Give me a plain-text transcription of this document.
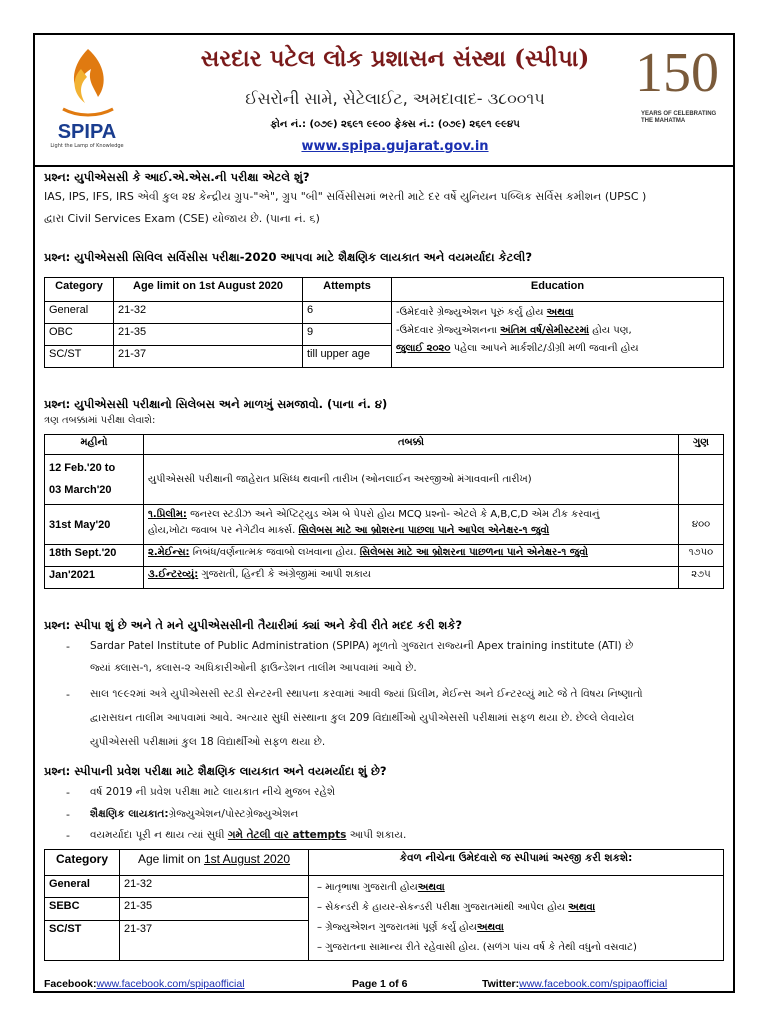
SPIPA
Light the Lamp of Knowledge
સરદાર પટેલ લોક પ્રશાસન સંસ્થા (સ્પીપા)
ઈસરોની સામે, સેટેલાઈટ, અમદાવાદ- ૩૮૦૦૧૫
ફોન નં.: (૦૭૯) ૨૬૯૧ ૯૯૦૦ ફેક્સ નં.: (૦૭૯) ૨૬૯૧ ૯૯૪૫
www.spipa.gujarat.gov.in
150
YEARS OF CELEBRATING THE MAHATMA
પ્રશ્ન: યુપીએસસી કે આઈ.એ.એસ.ની પરીક્ષા એટલે શું?
IAS, IPS, IFS, IRS એવી કુલ ૨૪ કેન્દ્રીય ગ્રુપ-"એ", ગ્રુપ "બી" સર્વિસીસમાં ભરતી માટે દર વર્ષે યુનિયન પબ્લિક સર્વિસ કમીશન (UPSC )
દ્વારા Civil Services Exam (CSE) યોજાય છે. (પાના નં. ૬)
પ્રશ્ન: યુપીએસસી સિવિલ સર્વિસીસ પરીક્ષા-2020 આપવા માટે શૈક્ષણિક લાયકાત અને વયમર્યાદા કેટલી?
Category	Age limit on 1st August 2020	Attempts	Education
General	21-32	6	-ઉમેદવારે ગ્રેજ્યુએશન પૂરું કર્યું હોય અથવા
-ઉમેદવાર ગ્રેજ્યુએશનના અંતિમ વર્ષ/સેમીસ્ટરમાં હોય પણ,
જુલાઈ ૨૦૨૦ પહેલા આપને માર્કશીટ/ડીગ્રી મળી જવાની હોય
OBC	21-35	9	
SC/ST	21-37	till upper age	
પ્રશ્ન: યુપીએસસી પરીક્ષાનો સિલેબસ અને માળખું સમજાવો. (પાના નં. ૪)
ત્રણ તબક્કામાં પરીક્ષા લેવાશે:
મહીનો	તબક્કો	ગુણ
12 Feb.'20 to
03 March'20	યુપીએસસી પરીક્ષાની જાહેરાત પ્રસિધ્ધ થવાની તારીખ (ઓનલાઈન અરજીઓ મંગાવવાની તારીખ)	
31st May'20	૧.પ્રિલીમ: જનરલ સ્ટડીઝ અને એપ્ટિટ્યુડ એમ બે પેપરો હોય MCQ પ્રશ્નો- એટલે કે A,B,C,D એમ ટીક કરવાનું
હોય,ખોટા જવાબ પર નેગેટીવ માર્ક્સ. સિલેબસ માટે આ બ્રોશરના પાછલા પાને આપેલ એનેક્ષર-૧ જુવો	૪૦૦
18th Sept.'20	૨.મેઈન્સ: નિબંધ/વર્ણનાત્મક જવાબો લખવાના હોય. સિલેબસ માટે આ બ્રોશરના પાછળના પાને એનેક્ષર-૧ જુવો	૧૭૫૦
Jan'2021	૩.ઈન્ટરવ્યું: ગુજરાતી, હિન્દી કે અંગ્રેજીમાં આપી શકાય	૨૭૫
પ્રશ્ન: સ્પીપા શું છે અને તે મને યુપીએસસીની તૈયારીમાં ક્યાં અને કેવી રીતે મદદ કરી શકે?
- Sardar Patel Institute of Public Administration (SPIPA) મૂળતો ગુજરાત રાજ્યની Apex training institute (ATI) છે
જ્યાં ક્લાસ-૧, ક્લાસ-૨ અધિકારીઓની ફાઉન્ડેશન તાલીમ આપવામાં આવે છે.
- સાલ ૧૯૯૨માં અત્રે યુપીએસસી સ્ટડી સેન્ટરની સ્થાપના કરવામાં આવી જ્યાં પ્રિલીમ, મેઈન્સ અને ઈન્ટરવ્યું માટે જે તે વિષય નિષ્ણાતો
દ્વારાસઘન તાલીમ આપવામાં આવે. અત્યાર સુધી સંસ્થાના કુલ 209 વિદ્યાર્થીઓ યુપીએસસી પરીક્ષામાં સફળ થયા છે. છેલ્લે લેવાયેલ
યુપીએસસી પરીક્ષામાં કુલ 18 વિદ્યાર્થીઓ સફળ થયા છે.
પ્રશ્ન: સ્પીપાની પ્રવેશ પરીક્ષા માટે શૈક્ષણિક લાયકાત અને વયમર્યાદા શું છે?
- વર્ષ 2019 ની પ્રવેશ પરીક્ષા માટે લાયકાત નીચે મુજબ રહેશે
- શૈક્ષણિક લાયકાત:ગ્રેજ્યુએશન/પોસ્ટગ્રેજ્યુએશન
- વયમર્યાદા પૂરી ન થાય ત્યાં સુધી ગમે તેટલી વાર attempts આપી શકાય.
Category	Age limit on 1st August 2020	કેવળ નીચેના ઉમેદવારો જ સ્પીપામાં અરજી કરી શકશે:
General	21-32	– માતૃભાષા ગુજરાતી હોયઅથવા
– સેકન્ડરી કે હાયર-સેકન્ડરી પરીક્ષા ગુજરાતમાંથી આપેલ હોય અથવા
– ગ્રેજ્યુએશન ગુજરાતમાં પૂર્ણ કર્યું હોયઅથવા
– ગુજરાતના સામાન્ય રીતે રહેવાસી હોય. (સળંગ પાંચ વર્ષ કે તેથી વધુનો વસવાટ)
SEBC	21-35	
SC/ST	21-37	
Facebook:www.facebook.com/spipaofficial	Page 1 of 6	Twitter:www.facebook.com/spipaofficial
